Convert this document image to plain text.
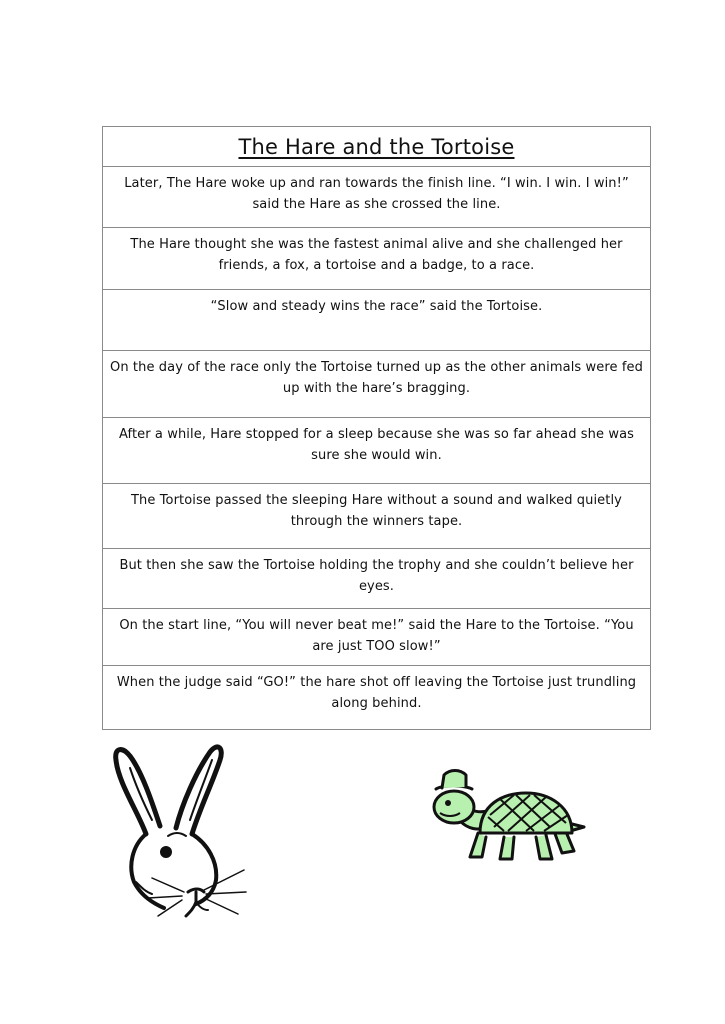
The Hare and the Tortoise
Later, The Hare woke up and ran towards the finish line. “I win. I win. I win!” said the Hare as she crossed the line.
The Hare thought she was the fastest animal alive and she challenged her friends, a fox, a tortoise and a badge, to a race.
“Slow and steady wins the race” said the Tortoise.
On the day of the race only the Tortoise turned up as the other animals were fed up with the hare’s bragging.
After a while, Hare stopped for a sleep because she was so far ahead she was sure she would win.
The Tortoise passed the sleeping Hare without a sound and walked quietly through the winners tape.
But then she saw the Tortoise holding the trophy and she couldn’t believe her eyes.
On the start line, “You will never beat me!” said the Hare to the Tortoise. “You are just TOO slow!”
When the judge said “GO!” the hare shot off leaving the Tortoise just trundling along behind.
